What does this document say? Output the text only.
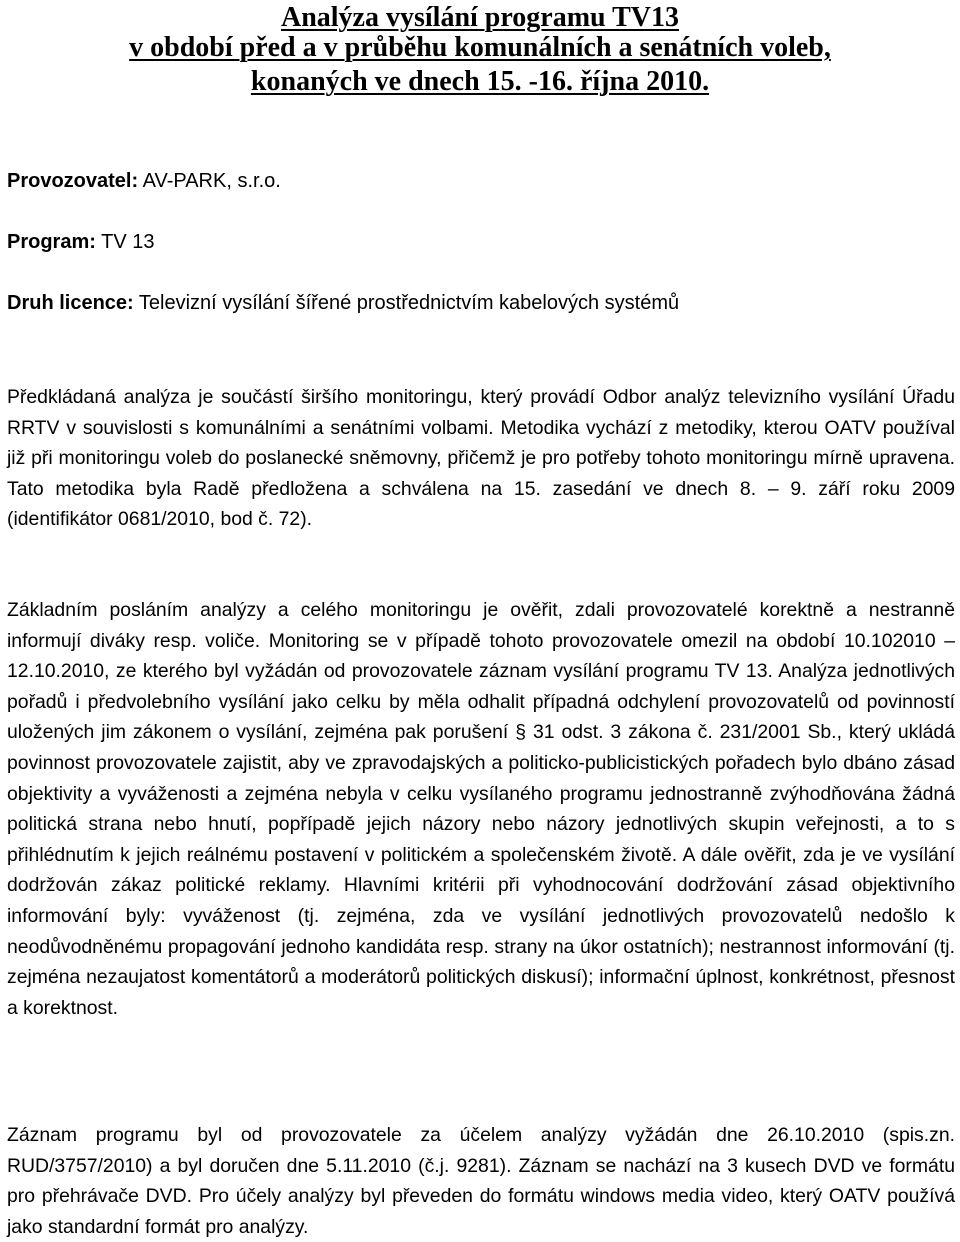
Analýza vysílání programu TV13
v období před a v průběhu komunálních a senátních voleb,
konaných ve dnech 15. -16. října 2010.

Provozovatel: AV-PARK, s.r.o.

Program: TV 13

Druh licence: Televizní vysílání šířené prostřednictvím kabelových systémů

Předkládaná analýza je součástí širšího monitoringu, který provádí Odbor analýz televizního vysílání Úřadu RRTV v souvislosti s komunálními a senátními volbami. Metodika vychází z metodiky, kterou OATV používal již při monitoringu voleb do poslanecké sněmovny, přičemž je pro potřeby tohoto monitoringu mírně upravena. Tato metodika byla Radě předložena a schválena na 15. zasedání ve dnech 8. – 9. září roku 2009 (identifikátor 0681/2010, bod č. 72).

Základním posláním analýzy a celého monitoringu je ověřit, zdali provozovatelé korektně a nestranně informují diváky resp. voliče. Monitoring se v případě tohoto provozovatele omezil na období 10.102010 – 12.10.2010, ze kterého byl vyžádán od provozovatele záznam vysílání programu TV 13. Analýza jednotlivých pořadů i předvolebního vysílání jako celku by měla odhalit případná odchylení provozovatelů od povinností uložených jim zákonem o vysílání, zejména pak porušení § 31 odst. 3 zákona č. 231/2001 Sb., který ukládá povinnost provozovatele zajistit, aby ve zpravodajských a politicko-publicistických pořadech bylo dbáno zásad objektivity a vyváženosti a zejména nebyla v celku vysílaného programu jednostranně zvýhodňována žádná politická strana nebo hnutí, popřípadě jejich názory nebo názory jednotlivých skupin veřejnosti, a to s přihlédnutím k jejich reálnému postavení v politickém a společenském životě. A dále ověřit, zda je ve vysílání dodržován zákaz politické reklamy. Hlavními kritérii při vyhodnocování dodržování zásad objektivního informování byly: vyváženost (tj. zejména, zda ve vysílání jednotlivých provozovatelů nedošlo k neodůvodněnému propagování jednoho kandidáta resp. strany na úkor ostatních); nestrannost informování (tj. zejména nezaujatost komentátorů a moderátorů politických diskusí); informační úplnost, konkrétnost, přesnost a korektnost.

Záznam programu byl od provozovatele za účelem analýzy vyžádán dne 26.10.2010 (spis.zn. RUD/3757/2010) a byl doručen dne 5.11.2010 (č.j. 9281). Záznam se nachází na 3 kusech DVD ve formátu pro přehrávače DVD. Pro účely analýzy byl převeden do formátu windows media video, který OATV používá jako standardní formát pro analýzy.
